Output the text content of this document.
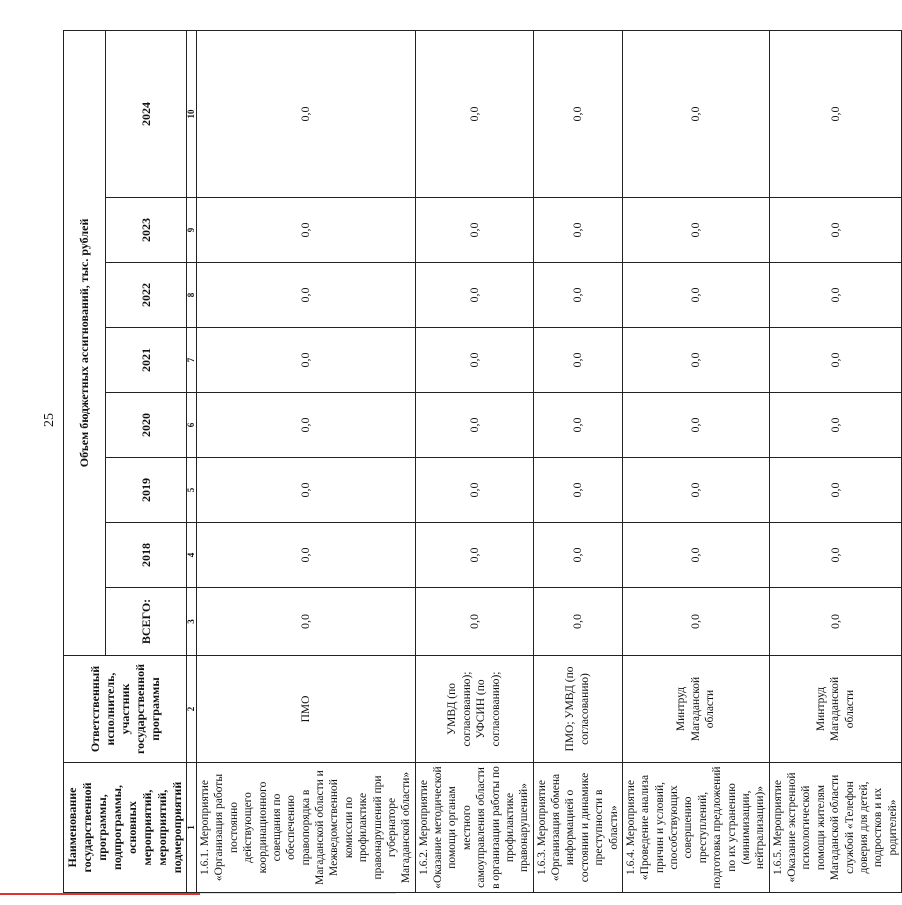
25
Наименование государственной программы, подпрограммы, основных мероприятий, мероприятий, подмероприятий	Ответственный исполнитель, участник государственной программы	Объем бюджетных ассигнований, тыс. рублей							
		ВСЕГО:	2018	2019	2020	2021	2022	2023	2024
1	2	3	4	5	6	7	8	9	10
1.6.1. Мероприятие «Организация работы постоянно действующего координационного совещания по обеспечению правопорядка в Магаданской области и Межведомственной комиссии по профилактике правонарушений при губернаторе Магаданской области»	ПМО	0,0	0,0	0,0	0,0	0,0	0,0	0,0	0,0
1.6.2. Мероприятие «Оказание методической помощи органам местного самоуправления области в организации работы по профилактике правонарушений»	УМВД (по согласованию); УФСИН (по согласованию);	0,0	0,0	0,0	0,0	0,0	0,0	0,0	0,0
1.6.3. Мероприятие «Организация обмена информацией о состоянии и динамике преступности в области»	ПМО; УМВД (по согласованию)	0,0	0,0	0,0	0,0	0,0	0,0	0,0	0,0
1.6.4. Мероприятие «Проведение анализа причин и условий, способствующих совершению преступлений, подготовка предложений по их устранению (минимизации, нейтрализации)»	Минтруд Магаданской области	0,0	0,0	0,0	0,0	0,0	0,0	0,0	0,0
1.6.5. Мероприятие «Оказание экстренной психологической помощи жителям Магаданской области службой «Телефон доверия для детей, подростков и их родителей»	Минтруд Магаданской области	0,0	0,0	0,0	0,0	0,0	0,0	0,0	0,0
